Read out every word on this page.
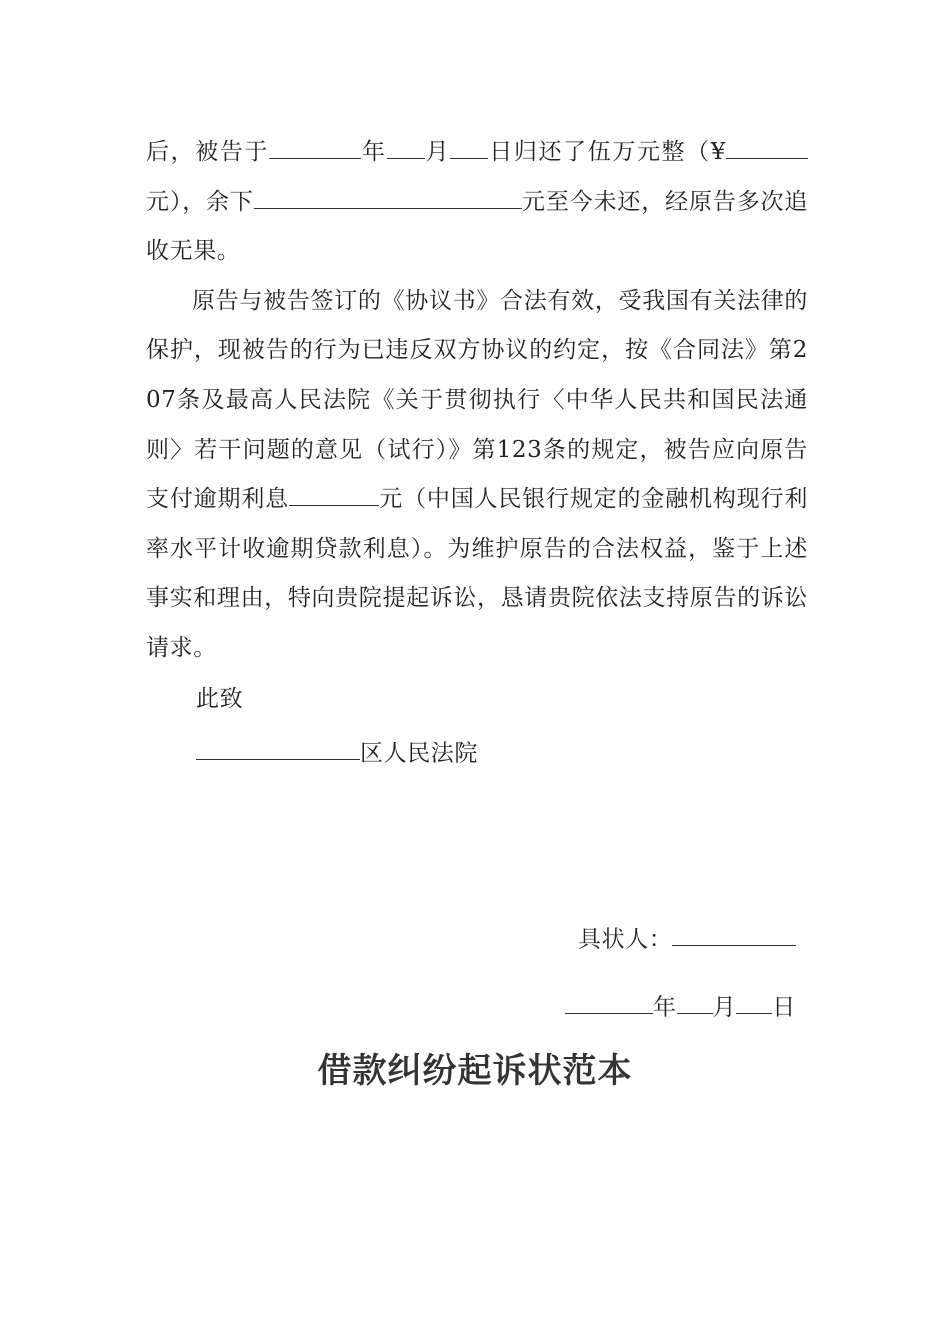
后，被告于	年 月 日归还了伍万元整（¥元），余下	元至今未还，经原告多次追收无果。

原告与被告签订的《协议书》合法有效，受我国有关法律的保护，现被告的行为已违反双方协议的约定，按《合同法》第207条及最高人民法院《关于贯彻执行〈中华人民共和国民法通则〉若干问题的意见（试行）》第123条的规定，被告应向原告支付逾期利息	元（中国人民银行规定的金融机构现行利率水平计收逾期贷款利息）。为维护原告的合法权益，鉴于上述事实和理由，特向贵院提起诉讼，恳请贵院依法支持原告的诉讼请求。

此致
区人民法院
具状人：
年 月 日
借款纠纷起诉状范本
